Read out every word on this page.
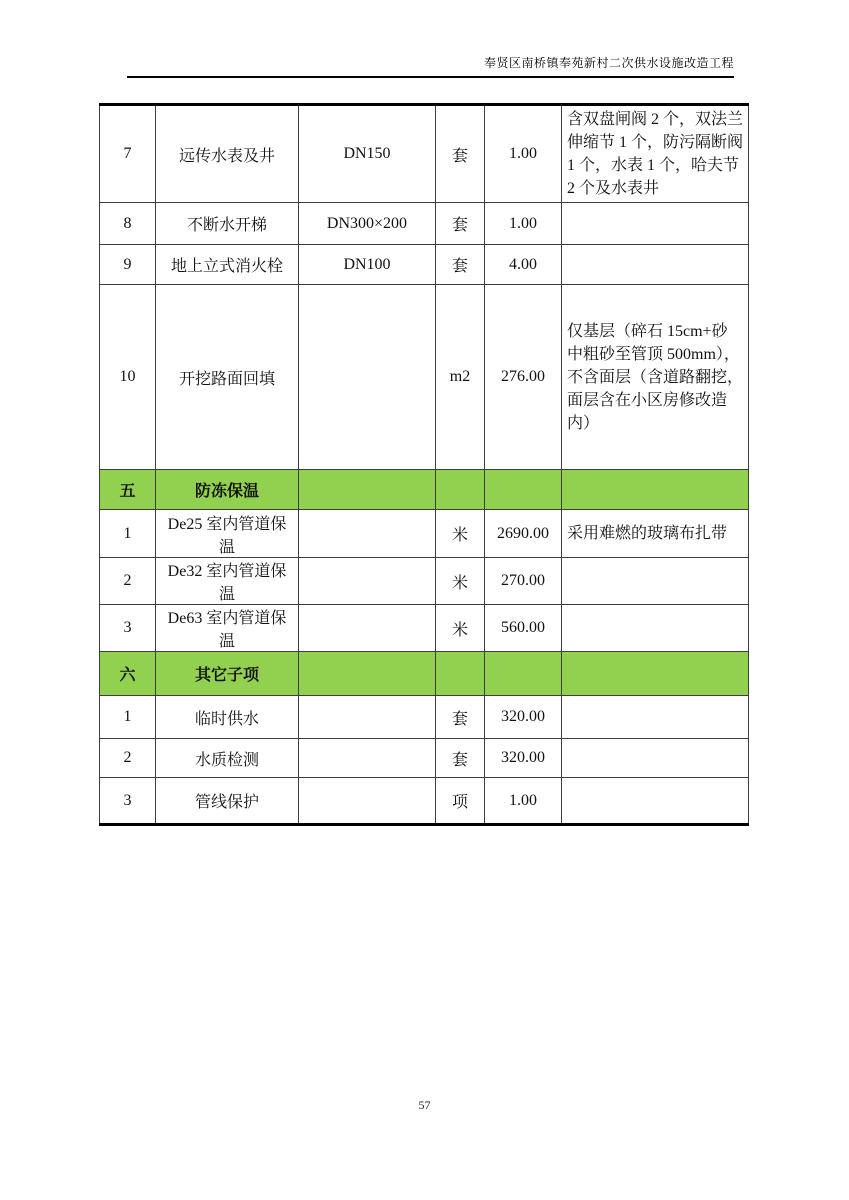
奉贤区南桥镇奉苑新村二次供水设施改造工程
7	远传水表及井	DN150	套	1.00	含双盘闸阀 2 个，双法兰伸缩节 1 个，防污隔断阀 1 个，水表 1 个，哈夫节 2 个及水表井
8	不断水开梯	DN300×200	套	1.00	
9	地上立式消火栓	DN100	套	4.00	
10	开挖路面回填		m2	276.00	仅基层（碎石 15cm+砂中粗砂至管顶 500mm），不含面层（含道路翻挖，面层含在小区房修改造内）
五	防冻保温				
1	De25 室内管道保温		米	2690.00	采用难燃的玻璃布扎带
2	De32 室内管道保温		米	270.00	
3	De63 室内管道保温		米	560.00	
六	其它子项				
1	临时供水		套	320.00	
2	水质检测		套	320.00	
3	管线保护		项	1.00	
57
